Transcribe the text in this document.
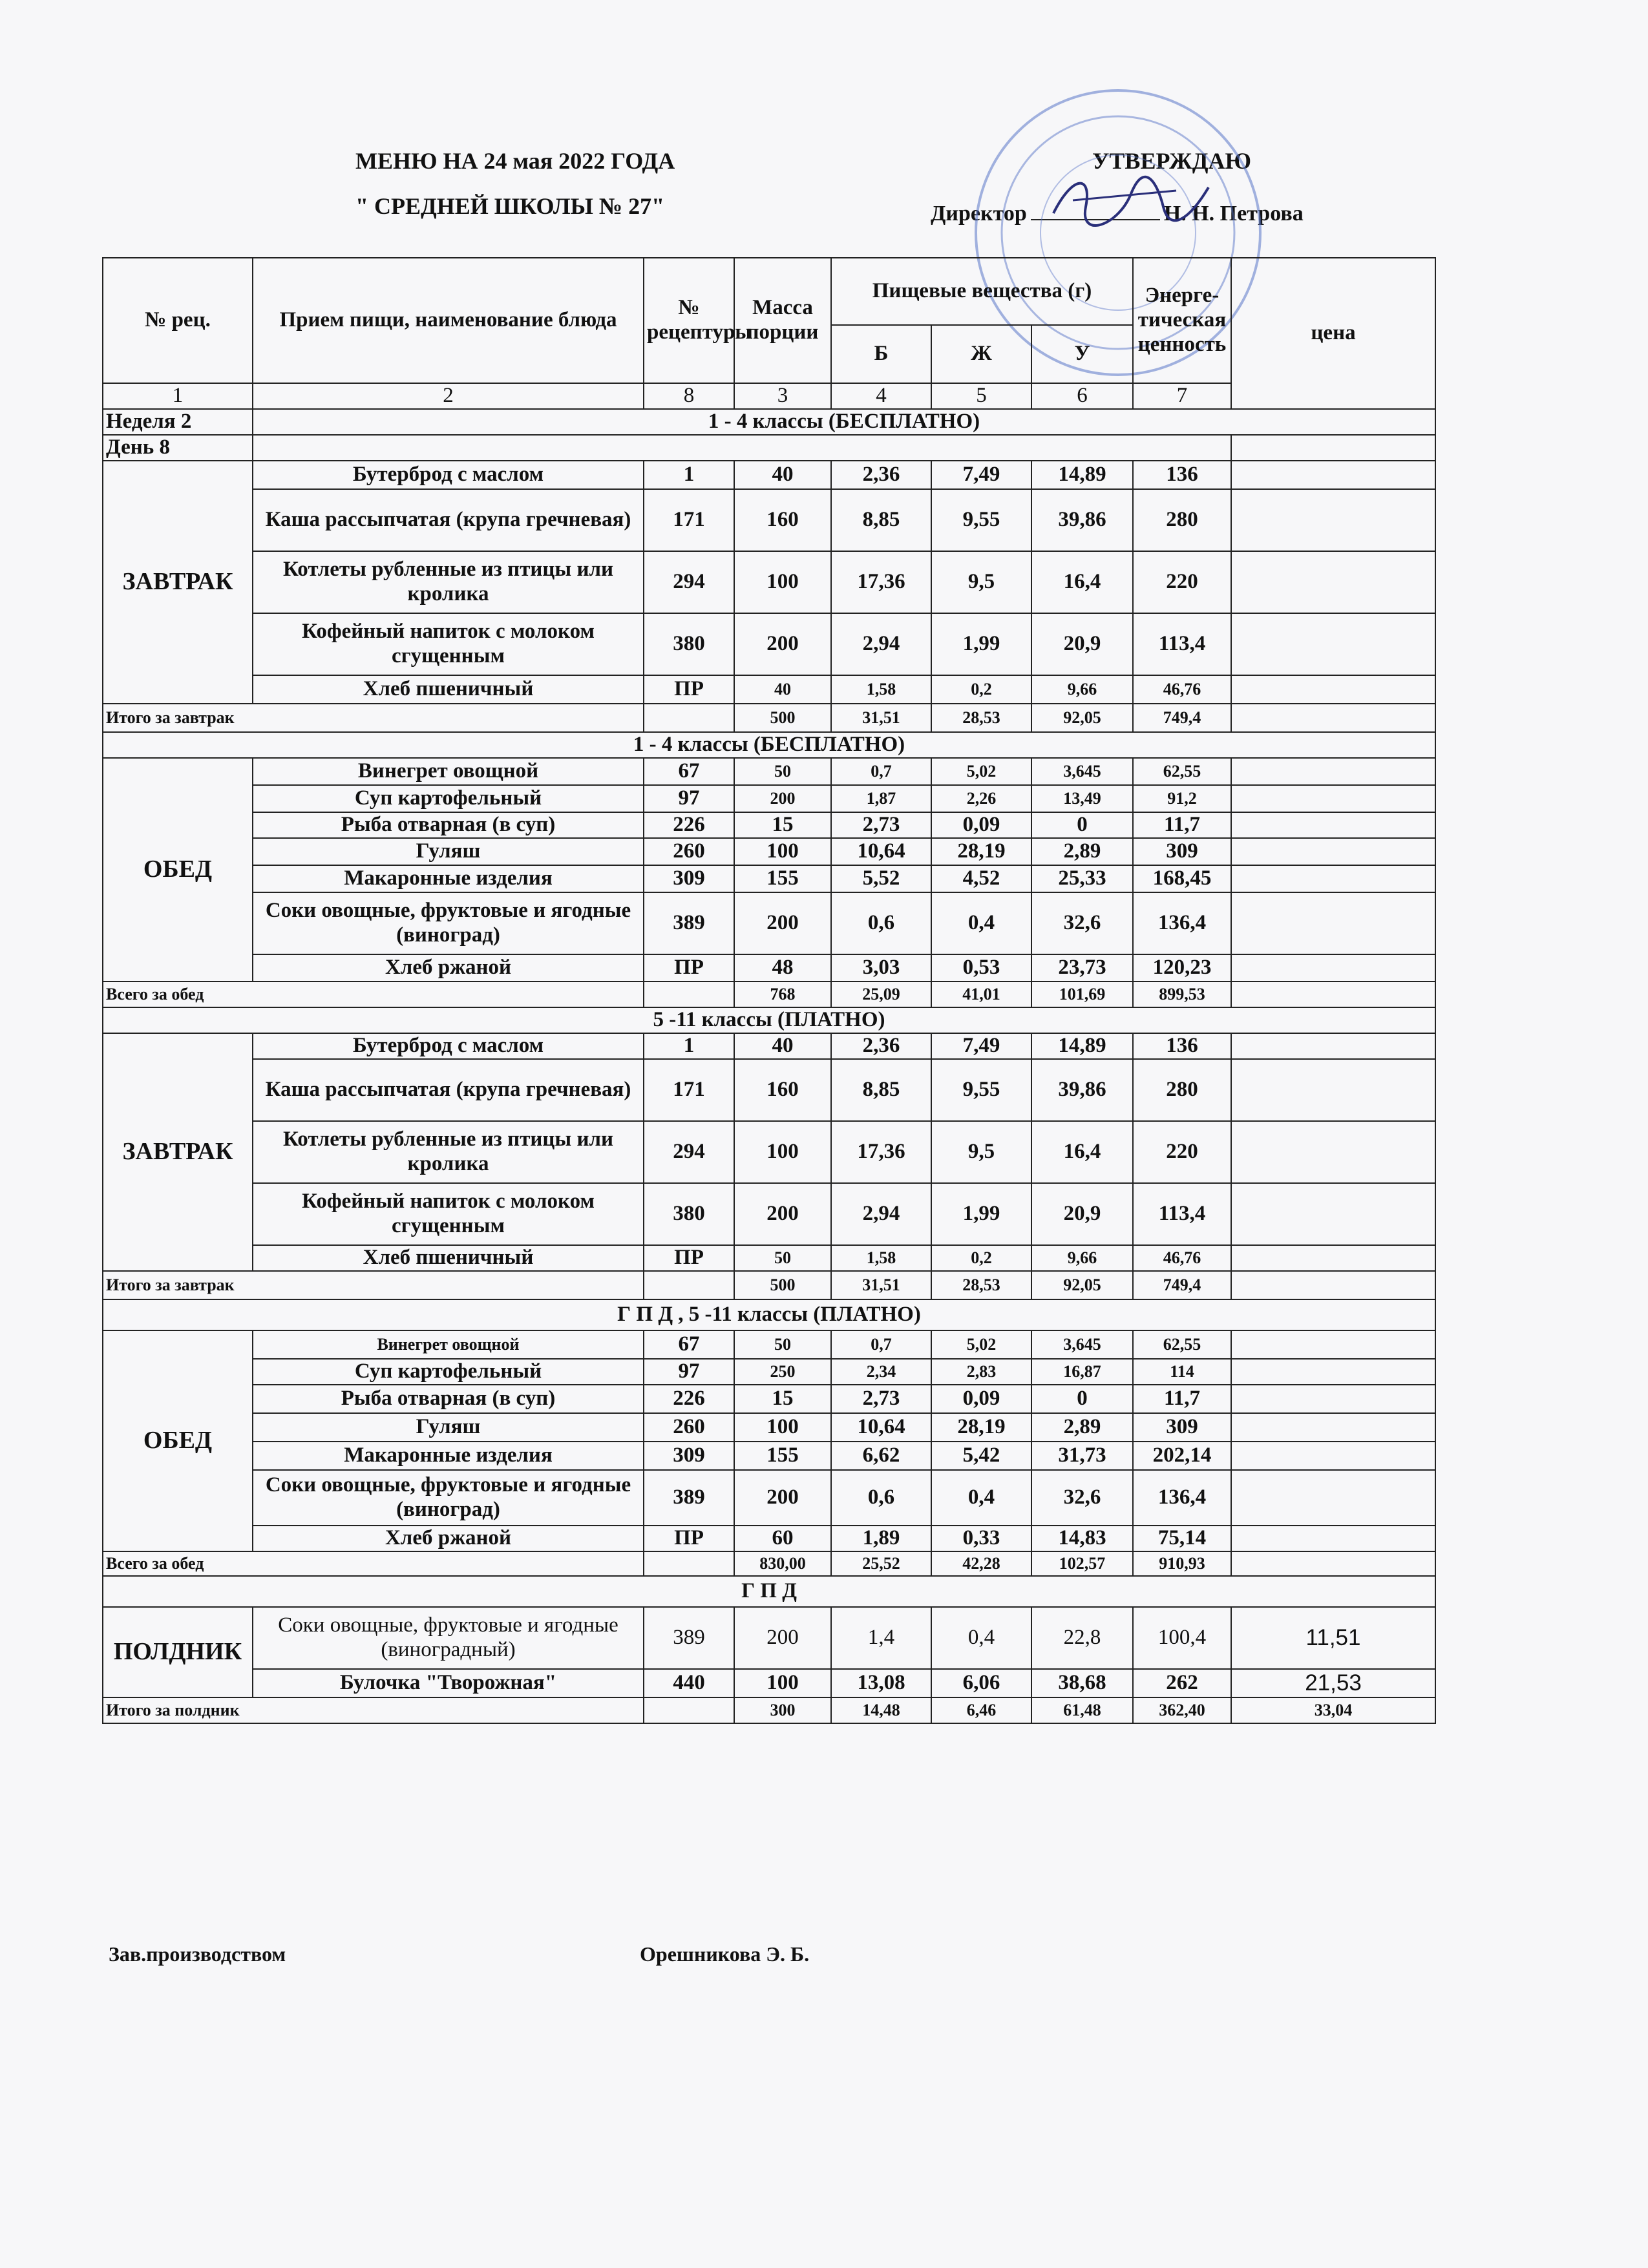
МЕНЮ НА 24 мая 2022 ГОДА
" СРЕДНЕЙ ШКОЛЫ № 27"
УТВЕРЖДАЮ
Директор	Н. Н. Петрова
№ рец.	Прием пищи, наименование блюда	№ рецептуры	Масса порции	Пищевые вещества (г)			Энерге-тическая ценность	цена

				Б	Ж	У		
1	2	8	3	4	5	6	7	
Неделя 2	1 - 4 классы (БЕСПЛАТНО)							
День 8								
ЗАВТРАК	Бутерброд с маслом	1	40	2,36	7,49	14,89	136	
	Каша рассыпчатая (крупа гречневая)	171	160	8,85	9,55	39,86	280	
	Котлеты рубленные из птицы или кролика	294	100	17,36	9,5	16,4	220	
	Кофейный напиток с молоком сгущенным	380	200	2,94	1,99	20,9	113,4	
	Хлеб пшеничный	ПР	40	1,58	0,2	9,66	46,76	
Итого за завтрак			500	31,51	28,53	92,05	749,4	
1 - 4 классы (БЕСПЛАТНО)								
ОБЕД	Винегрет овощной	67	50	0,7	5,02	3,645	62,55	
	Суп картофельный	97	200	1,87	2,26	13,49	91,2	
	Рыба отварная (в суп)	226	15	2,73	0,09	0	11,7	
	Гуляш	260	100	10,64	28,19	2,89	309	
	Макаронные изделия	309	155	5,52	4,52	25,33	168,45	
	Соки овощные, фруктовые и ягодные (виноград)	389	200	0,6	0,4	32,6	136,4	
	Хлеб ржаной	ПР	48	3,03	0,53	23,73	120,23	
Всего за обед			768	25,09	41,01	101,69	899,53	
5 -11 классы (ПЛАТНО)								
ЗАВТРАК	Бутерброд с маслом	1	40	2,36	7,49	14,89	136	
	Каша рассыпчатая (крупа гречневая)	171	160	8,85	9,55	39,86	280	
	Котлеты рубленные из птицы или кролика	294	100	17,36	9,5	16,4	220	
	Кофейный напиток с молоком сгущенным	380	200	2,94	1,99	20,9	113,4	
	Хлеб пшеничный	ПР	50	1,58	0,2	9,66	46,76	
Итого за завтрак			500	31,51	28,53	92,05	749,4	
Г П Д , 5 -11 классы (ПЛАТНО)								
ОБЕД	Винегрет овощной	67	50	0,7	5,02	3,645	62,55	
	Суп картофельный	97	250	2,34	2,83	16,87	114	
	Рыба отварная (в суп)	226	15	2,73	0,09	0	11,7	
	Гуляш	260	100	10,64	28,19	2,89	309	
	Макаронные изделия	309	155	6,62	5,42	31,73	202,14	
	Соки овощные, фруктовые и ягодные (виноград)	389	200	0,6	0,4	32,6	136,4	
	Хлеб ржаной	ПР	60	1,89	0,33	14,83	75,14	
Всего за обед			830,00	25,52	42,28	102,57	910,93	
Г П Д								
ПОЛДНИК	Соки овощные, фруктовые и ягодные (виноградный)	389	200	1,4	0,4	22,8	100,4	11,51
	Булочка "Творожная"	440	100	13,08	6,06	38,68	262	21,53
Итого за полдник			300	14,48	6,46	61,48	362,40	33,04
Зав.производством	Орешникова Э. Б.
